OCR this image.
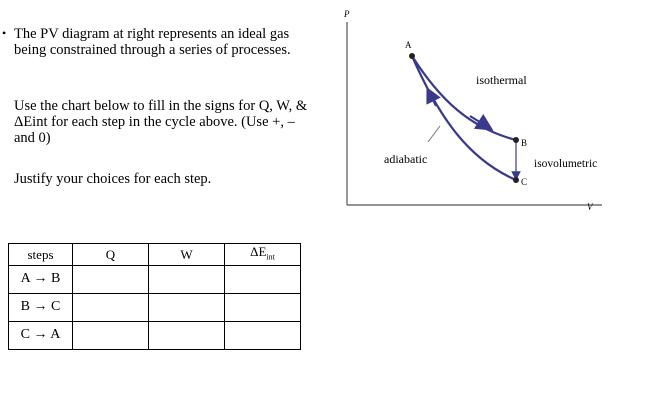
• The PV diagram at right represents an ideal gas being constrained through a series of processes.

Use the chart below to fill in the signs for Q, W, & ΔEint for each step in the cycle above. (Use +, – and 0)

Justify your choices for each step.

steps	Q	W	$\Delta E_{int}$
A → B			
B → C			
C → A			
P
V
A
B
C
isothermal
adiabatic	isovolumetric
